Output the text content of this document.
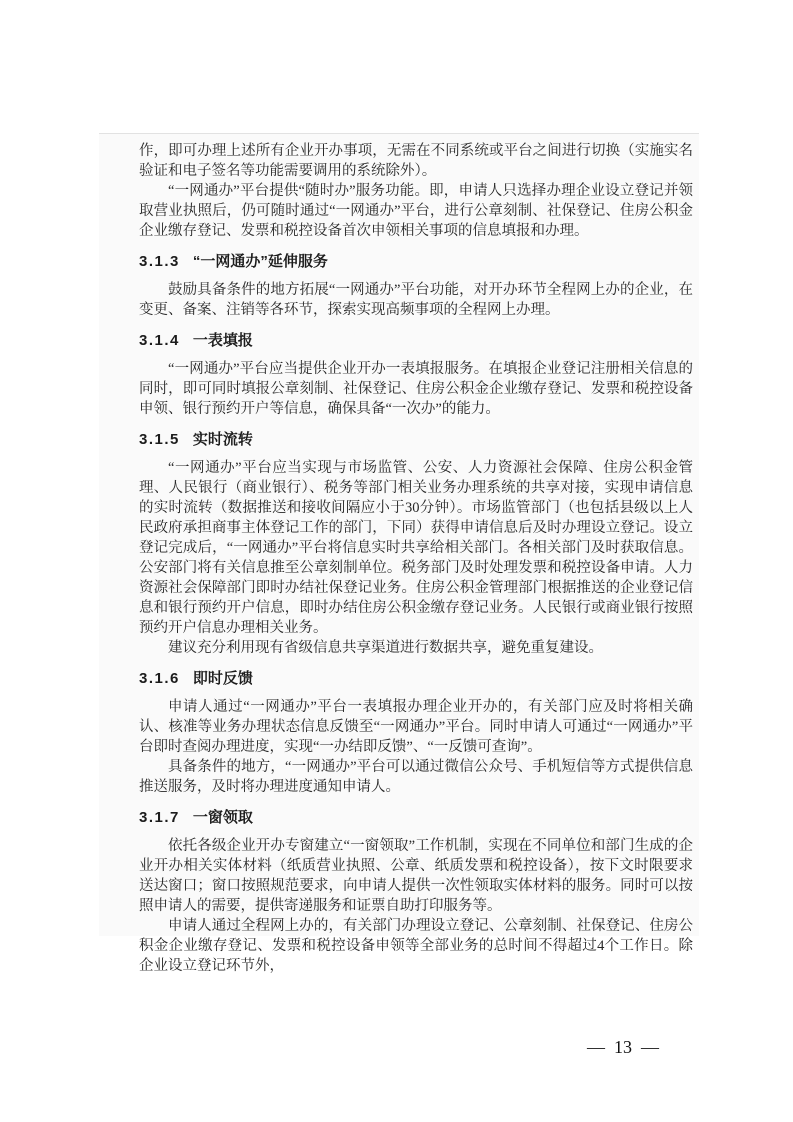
作，即可办理上述所有企业开办事项，无需在不同系统或平台之间进行切换（实施实名验证和电子签名等功能需要调用的系统除外）。

“一网通办”平台提供“随时办”服务功能。即，申请人只选择办理企业设立登记并领取营业执照后，仍可随时通过“一网通办”平台，进行公章刻制、社保登记、住房公积金企业缴存登记、发票和税控设备首次申领相关事项的信息填报和办理。

3.1.3 “一网通办”延伸服务

鼓励具备条件的地方拓展“一网通办”平台功能，对开办环节全程网上办的企业，在变更、备案、注销等各环节，探索实现高频事项的全程网上办理。

3.1.4 一表填报

“一网通办”平台应当提供企业开办一表填报服务。在填报企业登记注册相关信息的同时，即可同时填报公章刻制、社保登记、住房公积金企业缴存登记、发票和税控设备申领、银行预约开户等信息，确保具备“一次办”的能力。

3.1.5 实时流转

“一网通办”平台应当实现与市场监管、公安、人力资源社会保障、住房公积金管理、人民银行（商业银行）、税务等部门相关业务办理系统的共享对接，实现申请信息的实时流转（数据推送和接收间隔应小于30分钟）。市场监管部门（也包括县级以上人民政府承担商事主体登记工作的部门，下同）获得申请信息后及时办理设立登记。设立登记完成后，“一网通办”平台将信息实时共享给相关部门。各相关部门及时获取信息。公安部门将有关信息推至公章刻制单位。税务部门及时处理发票和税控设备申请。人力资源社会保障部门即时办结社保登记业务。住房公积金管理部门根据推送的企业登记信息和银行预约开户信息，即时办结住房公积金缴存登记业务。人民银行或商业银行按照预约开户信息办理相关业务。

建议充分利用现有省级信息共享渠道进行数据共享，避免重复建设。

3.1.6 即时反馈

申请人通过“一网通办”平台一表填报办理企业开办的，有关部门应及时将相关确认、核准等业务办理状态信息反馈至“一网通办”平台。同时申请人可通过“一网通办”平台即时查阅办理进度，实现“一办结即反馈”、“一反馈可查询”。

具备条件的地方，“一网通办”平台可以通过微信公众号、手机短信等方式提供信息推送服务，及时将办理进度通知申请人。

3.1.7 一窗领取

依托各级企业开办专窗建立“一窗领取”工作机制，实现在不同单位和部门生成的企业开办相关实体材料（纸质营业执照、公章、纸质发票和税控设备），按下文时限要求送达窗口；窗口按照规范要求，向申请人提供一次性领取实体材料的服务。同时可以按照申请人的需要，提供寄递服务和证票自助打印服务等。

申请人通过全程网上办的，有关部门办理设立登记、公章刻制、社保登记、住房公积金企业缴存登记、发票和税控设备申领等全部业务的总时间不得超过4个工作日。除企业设立登记环节外，

— 13 —
